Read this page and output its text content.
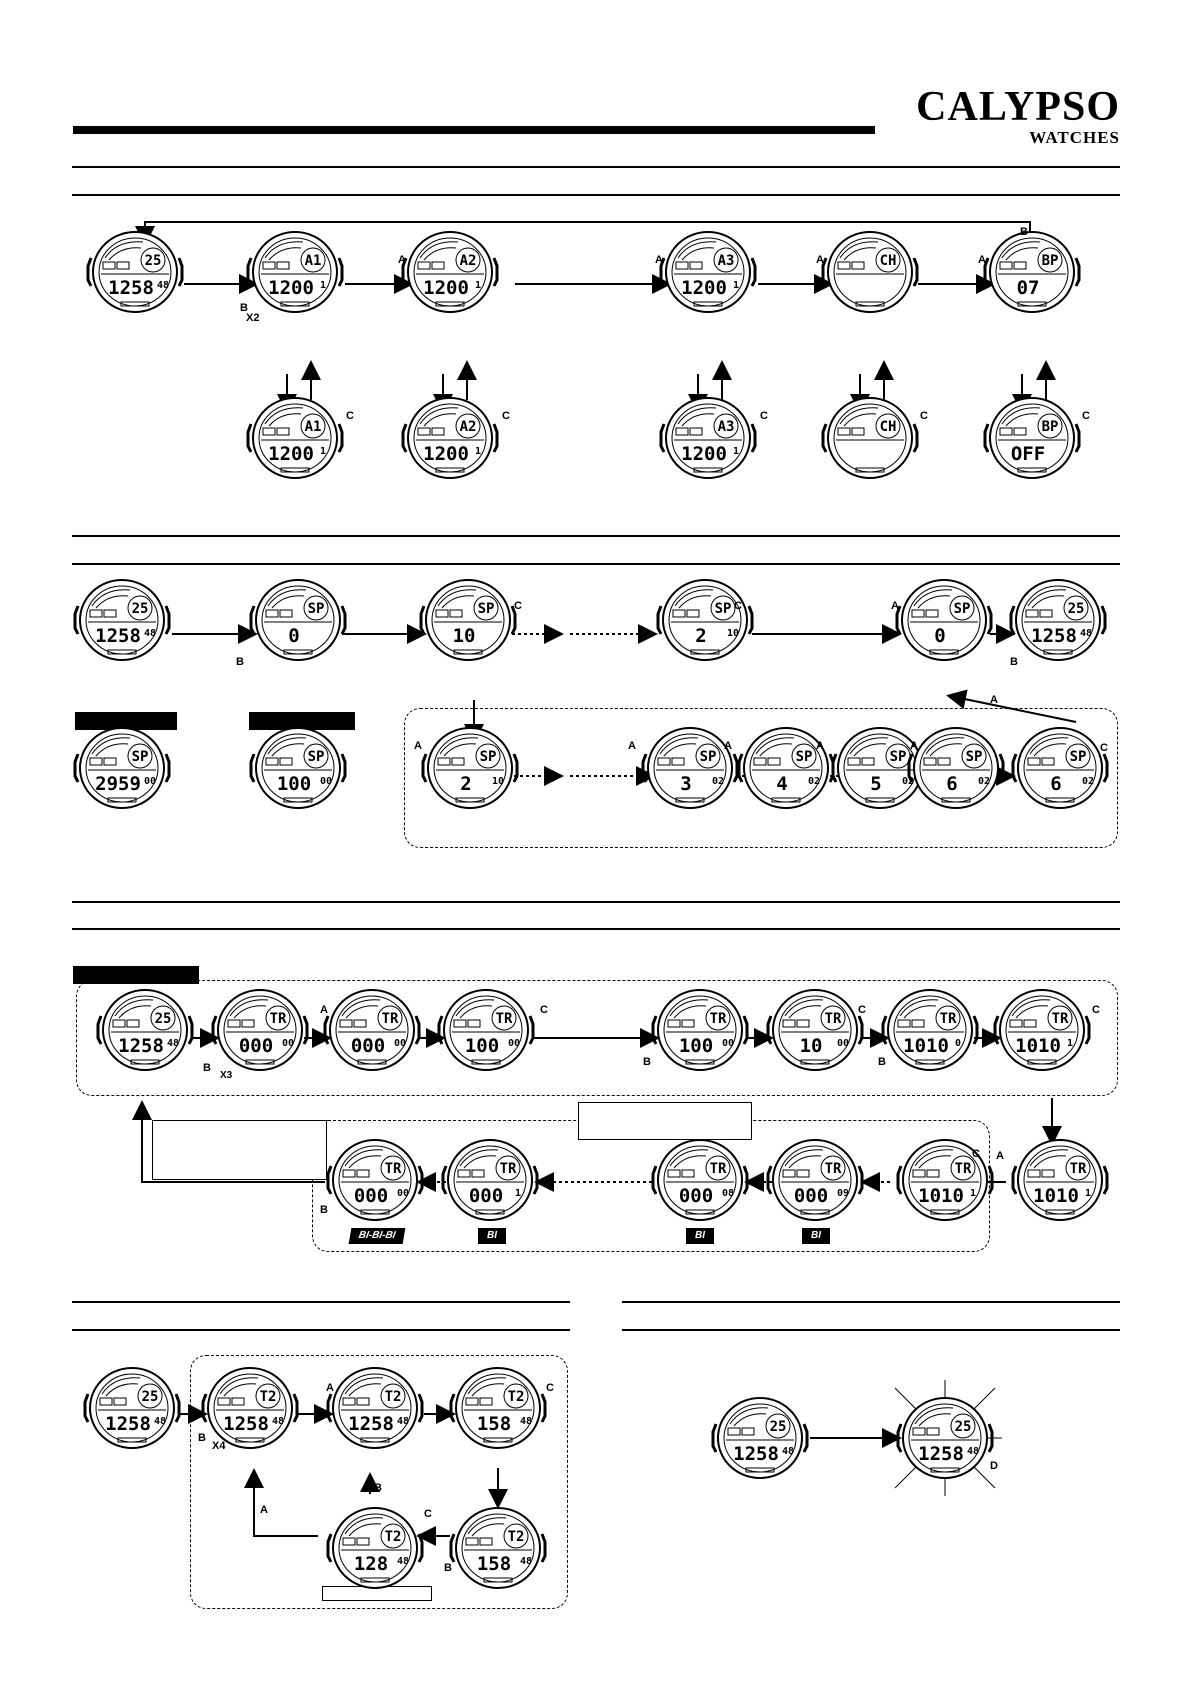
CALYPSO
WATCHES
25
1258 48
A1
1200 1
A2
1200 1
A3
1200 1
CH	BP
07
A1
1200 1
A2
1200 1
A3
1200 1
CH	BP
OFF
25
1258 48
SP
0
SP
10
SP
2 10
SP
0
25
1258 48
SP
2959 00
SP
100 00
SP
2 10
SP
3 02
SP
4 02
SP
5 02
SP
6 02
SP
6 02
25
1258 48
TR
000 00
TR
000 00
TR
100 00
TR
100 00
TR
10 00
TR
1010 0
TR
1010 1
TR
1010 1
TR
1010 1
TR
000 09
TR
000 08
TR
000 1
TR
000 00
25
1258 48
T2
1258 48
T2
1258 48
T2
158 48
T2
158 48
T2
128 48
25
1258 48
25
1258 48
B
X2
A	A	A	A
B
C	C	C	C	C
B
C	C	A
B
A
A	A	A	A	A	C
B
X3
A	C
B
C
B
C
C A
B
B
X4
A	C
B
C
B
A
D
BI-BI-BI	BI	BI	BI
